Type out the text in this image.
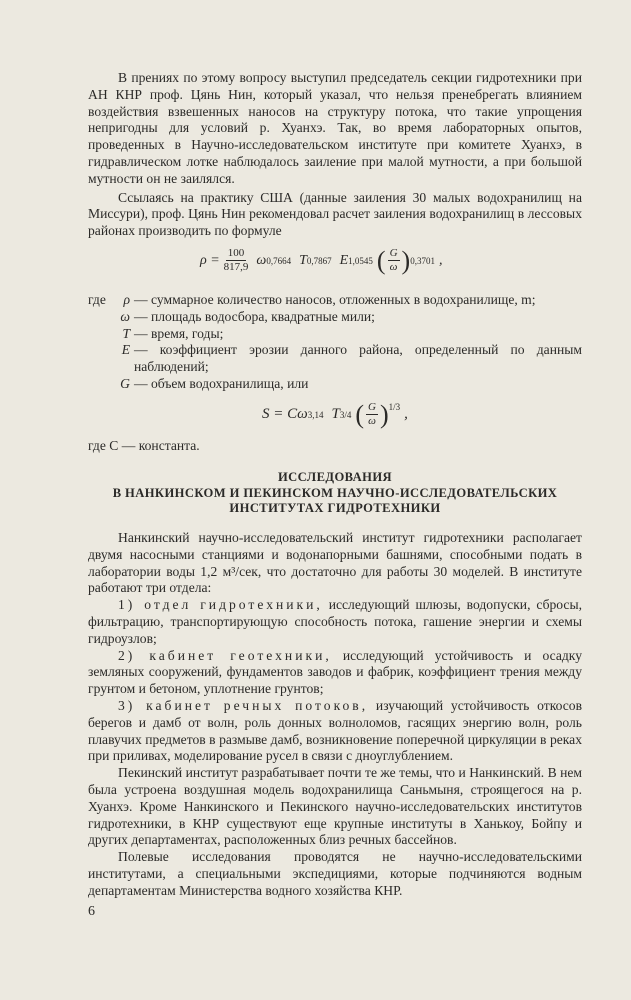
В прениях по этому вопросу выступил председатель секции гидротехники при АН КНР проф. Цянь Нин, который указал, что нельзя пренебрегать влиянием воздействия взвешенных наносов на структуру потока, что такие упрощения непригодны для условий р. Хуанхэ. Так, во время лабораторных опытов, проведенных в Научно-исследовательском институте при комитете Хуанхэ, в гидравлическом лотке наблюдалось заиление при малой мутности, а при большой мутности он не заилялся.

Ссылаясь на практику США (данные заиления 30 малых водохранилищ на Миссури), проф. Цянь Нин рекомендовал расчет заиления водохранилищ в лессовых районах производить по формуле

$\rho = \frac{100}{817,9}$ ω 0,7664 T 0,7867 E 1,0545 ( $\frac{G}{\omega}$ ) 0,3701 ,
где	ρ — суммарное количество наносов, отложенных в водохранилище, m;
ω — площадь водосбора, квадратные мили;
T — время, годы;
E — коэффициент эрозии данного района, определенный по данным наблюдений;
G — объем водохранилища, или
S = Cω 3,14 T 3/4 ( $\frac{G}{\omega} )^{1/3}$ ,
где C — константа.

ИССЛЕДОВАНИЯ

В НАНКИНСКОМ И ПЕКИНСКОМ НАУЧНО-ИССЛЕДОВАТЕЛЬСКИХ

ИНСТИТУТАХ ГИДРОТЕХНИКИ

Нанкинский научно-исследовательский институт гидротехники располагает двумя насосными станциями и водонапорными башнями, способными подать в лаборатории воды 1,2 м³/сек, что достаточно для работы 30 моделей. В институте работают три отдела:

1) отдел гидротехники, исследующий шлюзы, водопуски, сбросы, фильтрацию, транспортирующую способность потока, гашение энергии и схемы гидроузлов;

2) кабинет геотехники, исследующий устойчивость и осадку земляных сооружений, фундаментов заводов и фабрик, коэффициент трения между грунтом и бетоном, уплотнение грунтов;

3) кабинет речных потоков, изучающий устойчивость откосов берегов и дамб от волн, роль донных волноломов, гасящих энергию волн, роль плавучих предметов в размыве дамб, возникновение поперечной циркуляции в реках при приливах, моделирование русел в связи с дноуглублением.

Пекинский институт разрабатывает почти те же темы, что и Нанкинский. В нем была устроена воздушная модель водохранилища Саньмыня, строящегося на р. Хуанхэ. Кроме Нанкинского и Пекинского научно-исследовательских институтов гидротехники, в КНР существуют еще крупные институты в Ханькоу, Бойпу и других департаментах, расположенных близ речных бассейнов.

Полевые исследования проводятся не научно-исследовательскими институтами, а специальными экспедициями, которые подчиняются водным департаментам Министерства водного хозяйства КНР.

6
